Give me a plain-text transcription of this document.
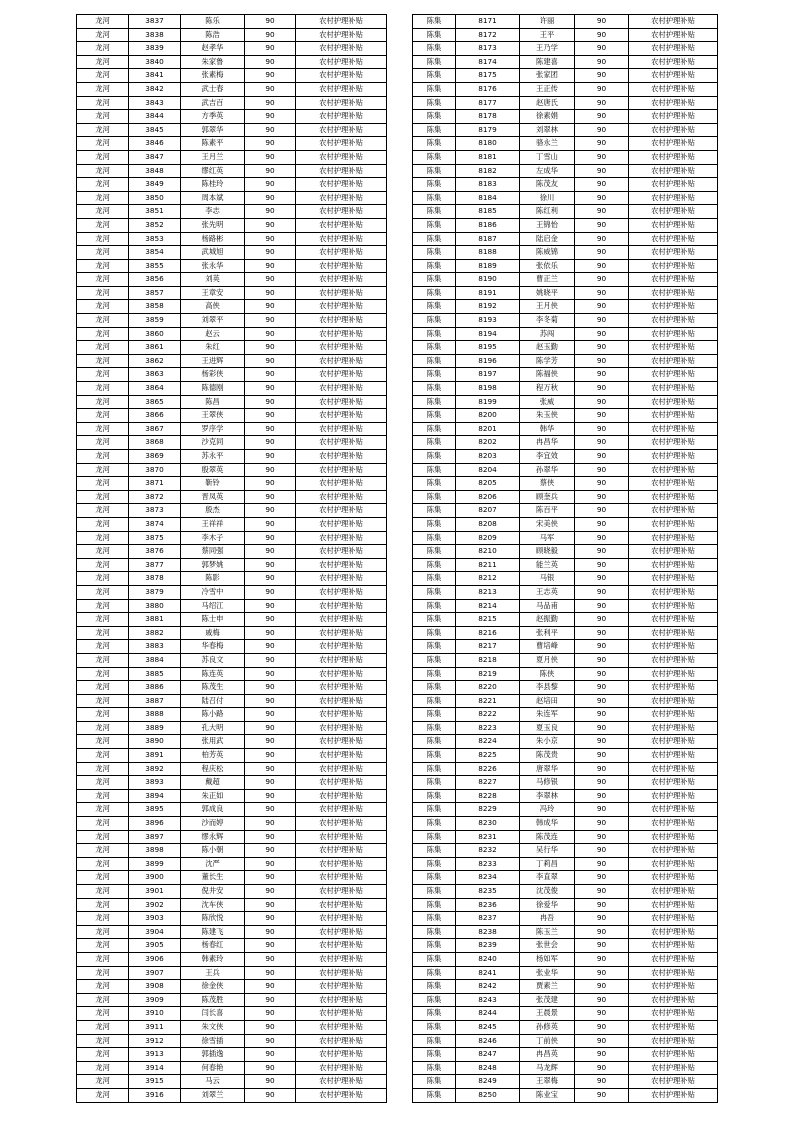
龙河	3837	陈乐	90	农村护理补贴
龙河	3838	陈浩	90	农村护理补贴
龙河	3839	赵孝华	90	农村护理补贴
龙河	3840	朱家鲁	90	农村护理补贴
龙河	3841	张素梅	90	农村护理补贴
龙河	3842	武士春	90	农村护理补贴
龙河	3843	武吉百	90	农村护理补贴
龙河	3844	方季英	90	农村护理补贴
龙河	3845	郭翠华	90	农村护理补贴
龙河	3846	陈素平	90	农村护理补贴
龙河	3847	王月兰	90	农村护理补贴
龙河	3848	缪红英	90	农村护理补贴
龙河	3849	陈桂玲	90	农村护理补贴
龙河	3850	周本斌	90	农村护理补贴
龙河	3851	李志	90	农村护理补贴
龙河	3852	张先明	90	农村护理补贴
龙河	3853	杨路彬	90	农村护理补贴
龙河	3854	武城旭	90	农村护理补贴
龙河	3855	张永华	90	农村护理补贴
龙河	3856	刘英	90	农村护理补贴
龙河	3857	王章安	90	农村护理补贴
龙河	3858	高侠	90	农村护理补贴
龙河	3859	刘翠平	90	农村护理补贴
龙河	3860	赵云	90	农村护理补贴
龙河	3861	朱红	90	农村护理补贴
龙河	3862	王进辉	90	农村护理补贴
龙河	3863	杨彩侠	90	农村护理补贴
龙河	3864	陈德刚	90	农村护理补贴
龙河	3865	陈昌	90	农村护理补贴
龙河	3866	王翠侠	90	农村护理补贴
龙河	3867	罗序学	90	农村护理补贴
龙河	3868	沙克同	90	农村护理补贴
龙河	3869	苏永平	90	农村护理补贴
龙河	3870	殷翠英	90	农村护理补贴
龙河	3871	靳铃	90	农村护理补贴
龙河	3872	晋凤英	90	农村护理补贴
龙河	3873	殷杰	90	农村护理补贴
龙河	3874	王祥祥	90	农村护理补贴
龙河	3875	李木子	90	农村护理补贴
龙河	3876	蔡同强	90	农村护理补贴
龙河	3877	郭梦姚	90	农村护理补贴
龙河	3878	陈影	90	农村护理补贴
龙河	3879	冷雪中	90	农村护理补贴
龙河	3880	马绍江	90	农村护理补贴
龙河	3881	陈士申	90	农村护理补贴
龙河	3882	戚梅	90	农村护理补贴
龙河	3883	华春梅	90	农村护理补贴
龙河	3884	苏良文	90	农村护理补贴
龙河	3885	陈连英	90	农村护理补贴
龙河	3886	陈茂生	90	农村护理补贴
龙河	3887	陆召付	90	农村护理补贴
龙河	3888	陈小路	90	农村护理补贴
龙河	3889	孔大明	90	农村护理补贴
龙河	3890	张用武	90	农村护理补贴
龙河	3891	柏芳英	90	农村护理补贴
龙河	3892	程庆松	90	农村护理补贴
龙河	3893	戴超	90	农村护理补贴
龙河	3894	朱正如	90	农村护理补贴
龙河	3895	郭成良	90	农村护理补贴
龙河	3896	沙而婷	90	农村护理补贴
龙河	3897	缪永辉	90	农村护理补贴
龙河	3898	陈小朝	90	农村护理补贴
龙河	3899	沈严	90	农村护理补贴
龙河	3900	董长生	90	农村护理补贴
龙河	3901	倪井安	90	农村护理补贴
龙河	3902	沈车侠	90	农村护理补贴
龙河	3903	陈欣悦	90	农村护理补贴
龙河	3904	陈建飞	90	农村护理补贴
龙河	3905	杨春红	90	农村护理补贴
龙河	3906	韩素玲	90	农村护理补贴
龙河	3907	王兵	90	农村护理补贴
龙河	3908	徐金侠	90	农村护理补贴
龙河	3909	陈茂胜	90	农村护理补贴
龙河	3910	闫长喜	90	农村护理补贴
龙河	3911	朱文侠	90	农村护理补贴
龙河	3912	徐雪插	90	农村护理补贴
龙河	3913	郭插逸	90	农村护理补贴
龙河	3914	何春艳	90	农村护理补贴
龙河	3915	马云	90	农村护理补贴
龙河	3916	刘翠兰	90	农村护理补贴
陈集	8171	许丽	90	农村护理补贴
陈集	8172	王平	90	农村护理补贴
陈集	8173	王乃学	90	农村护理补贴
陈集	8174	陈建喜	90	农村护理补贴
陈集	8175	张家团	90	农村护理补贴
陈集	8176	王正传	90	农村护理补贴
陈集	8177	赵唐氏	90	农村护理补贴
陈集	8178	徐素娟	90	农村护理补贴
陈集	8179	刘翠林	90	农村护理补贴
陈集	8180	骆永兰	90	农村护理补贴
陈集	8181	丁雪山	90	农村护理补贴
陈集	8182	左成华	90	农村护理补贴
陈集	8183	陈茂友	90	农村护理补贴
陈集	8184	徐川	90	农村护理补贴
陈集	8185	陈红利	90	农村护理补贴
陈集	8186	王锦怡	90	农村护理补贴
陈集	8187	陆启金	90	农村护理补贴
陈集	8188	陈威锦	90	农村护理补贴
陈集	8189	张依乐	90	农村护理补贴
陈集	8190	曹正兰	90	农村护理补贴
陈集	8191	姚晓平	90	农村护理补贴
陈集	8192	王月侠	90	农村护理补贴
陈集	8193	李冬菊	90	农村护理补贴
陈集	8194	苏闯	90	农村护理补贴
陈集	8195	赵玉勤	90	农村护理补贴
陈集	8196	陈学芳	90	农村护理补贴
陈集	8197	陈福侠	90	农村护理补贴
陈集	8198	程万秋	90	农村护理补贴
陈集	8199	张威	90	农村护理补贴
陈集	8200	朱玉侠	90	农村护理补贴
陈集	8201	韩华	90	农村护理补贴
陈集	8202	冉昌华	90	农村护理补贴
陈集	8203	李宜效	90	农村护理补贴
陈集	8204	孙翠华	90	农村护理补贴
陈集	8205	蔡侠	90	农村护理补贴
陈集	8206	顾奎兵	90	农村护理补贴
陈集	8207	陈百平	90	农村护理补贴
陈集	8208	宋美侠	90	农村护理补贴
陈集	8209	马军	90	农村护理补贴
陈集	8210	顾晓毅	90	农村护理补贴
陈集	8211	能兰英	90	农村护理补贴
陈集	8212	马银	90	农村护理补贴
陈集	8213	王志英	90	农村护理补贴
陈集	8214	马品甫	90	农村护理补贴
陈集	8215	赵振勤	90	农村护理补贴
陈集	8216	张利平	90	农村护理补贴
陈集	8217	曹培峰	90	农村护理补贴
陈集	8218	夏月侠	90	农村护理补贴
陈集	8219	陈侠	90	农村护理补贴
陈集	8220	李县黎	90	农村护理补贴
陈集	8221	赵培田	90	农村护理补贴
陈集	8222	朱连军	90	农村护理补贴
陈集	8223	夏玉良	90	农村护理补贴
陈集	8224	朱小京	90	农村护理补贴
陈集	8225	陈茂贵	90	农村护理补贴
陈集	8226	唐翠华	90	农村护理补贴
陈集	8227	马修银	90	农村护理补贴
陈集	8228	李翠林	90	农村护理补贴
陈集	8229	冯玲	90	农村护理补贴
陈集	8230	韩成华	90	农村护理补贴
陈集	8231	陈茂连	90	农村护理补贴
陈集	8232	吴行华	90	农村护理补贴
陈集	8233	丁莉昌	90	农村护理补贴
陈集	8234	李直翠	90	农村护理补贴
陈集	8235	沈茂俊	90	农村护理补贴
陈集	8236	徐爱华	90	农村护理补贴
陈集	8237	冉吾	90	农村护理补贴
陈集	8238	陈玉兰	90	农村护理补贴
陈集	8239	张世会	90	农村护理补贴
陈集	8240	杨如军	90	农村护理补贴
陈集	8241	张业华	90	农村护理补贴
陈集	8242	贾素兰	90	农村护理补贴
陈集	8243	张茂建	90	农村护理补贴
陈集	8244	王晨景	90	农村护理补贴
陈集	8245	孙修英	90	农村护理补贴
陈集	8246	丁前侠	90	农村护理补贴
陈集	8247	冉昌英	90	农村护理补贴
陈集	8248	马龙辉	90	农村护理补贴
陈集	8249	王翠梅	90	农村护理补贴
陈集	8250	陈业宝	90	农村护理补贴
